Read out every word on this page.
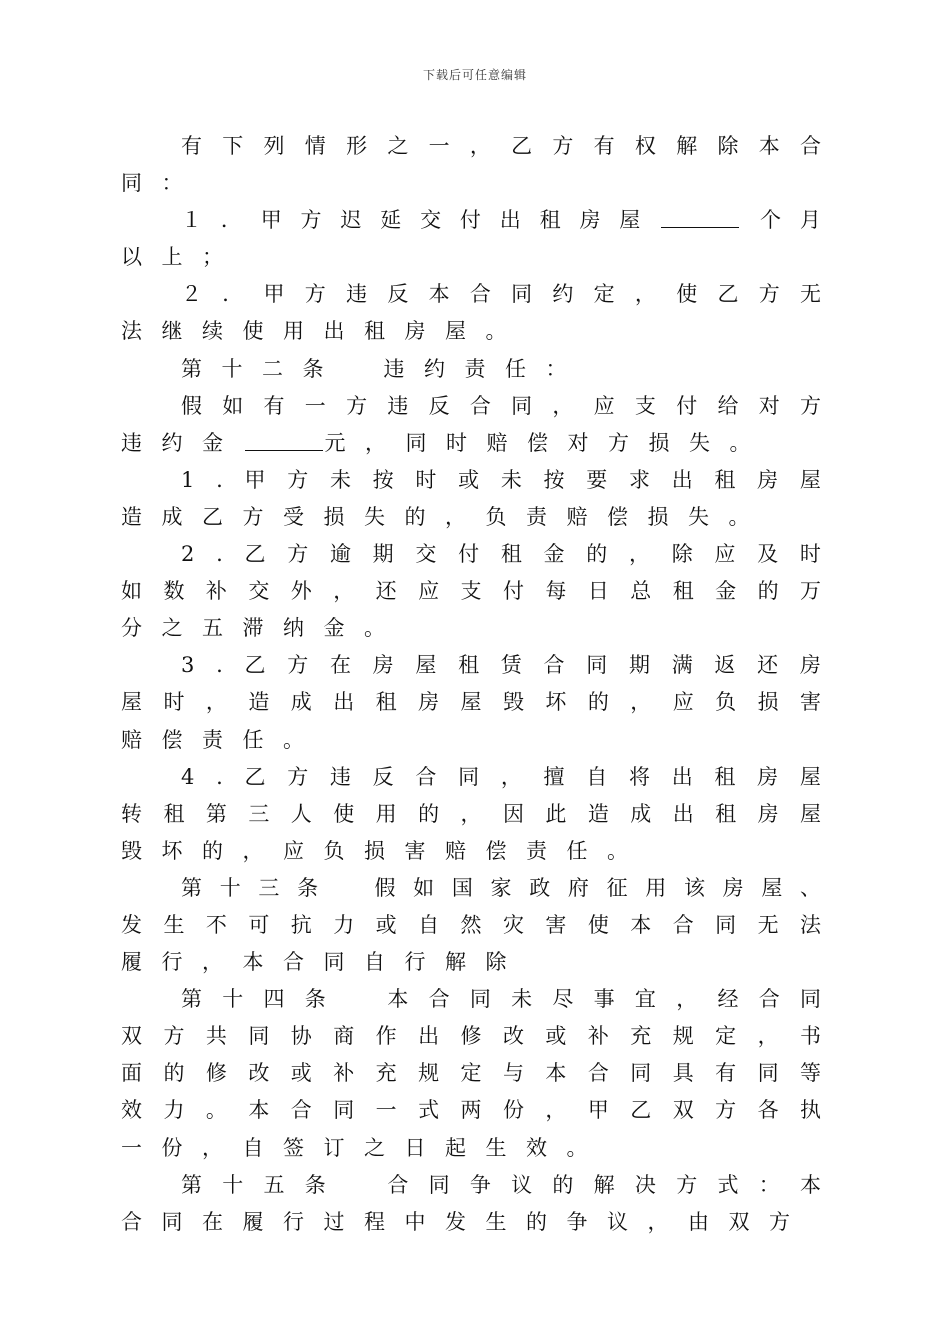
下载后可任意编辑
有 下 列 情 形 之 一 ， 乙 方 有 权 解 除 本 合
同 ：
１ ． 甲 方 迟 延 交 付 出 租 房 屋	个 月
以 上 ；
２ ． 甲 方 违 反 本 合 同 约 定 ， 使 乙 方 无
法 继 续 使 用 出 租 房 屋 。
第 十 二 条
　	违 约 责 任 ：
假 如 有 一 方 违 反 合 同 ， 应 支 付 给 对 方
违 约 金	元 ， 同 时 赔 偿 对 方 损 失 。
1 . 甲 方 未 按 时 或 未 按 要 求 出 租 房 屋
造 成 乙 方 受 损 失 的 ， 负 责 赔 偿 损 失 。
2 . 乙 方 逾 期 交 付 租 金 的 ， 除 应 及 时
如 数 补 交 外 ， 还 应 支 付 每 日 总 租 金 的 万
分 之 五 滞 纳 金 。
3 . 乙 方 在 房 屋 租 赁 合 同 期 满 返 还 房
屋 时 ， 造 成 出 租 房 屋 毁 坏 的 ， 应 负 损 害
赔 偿 责 任 。
4 . 乙 方 违 反 合 同 ， 擅 自 将 出 租 房 屋
转 租 第 三 人 使 用 的 ， 因 此 造 成 出 租 房 屋
毁 坏 的 ， 应 负 损 害 赔 偿 责 任 。
第 十 三 条
　	假 如 国 家 政 府 征 用 该 房 屋 、
发 生 不 可 抗 力 或 自 然 灾 害 使 本 合 同 无 法
履 行 ， 本 合 同 自 行 解 除
第 十 四 条
　	本 合 同 未 尽 事 宜 ， 经 合 同
双 方 共 同 协 商 作 出 修 改 或 补 充 规 定 ， 书
面 的 修 改 或 补 充 规 定 与 本 合 同 具 有 同 等
效 力 。 本 合 同 一 式 两 份 ， 甲 乙 双 方 各 执
一 份 ， 自 签 订 之 日 起 生 效 。
第 十 五 条
　	合 同 争 议 的 解 决 方 式 ： 本
合 同 在 履 行 过 程 中 发 生 的 争 议 ， 由 双 方
